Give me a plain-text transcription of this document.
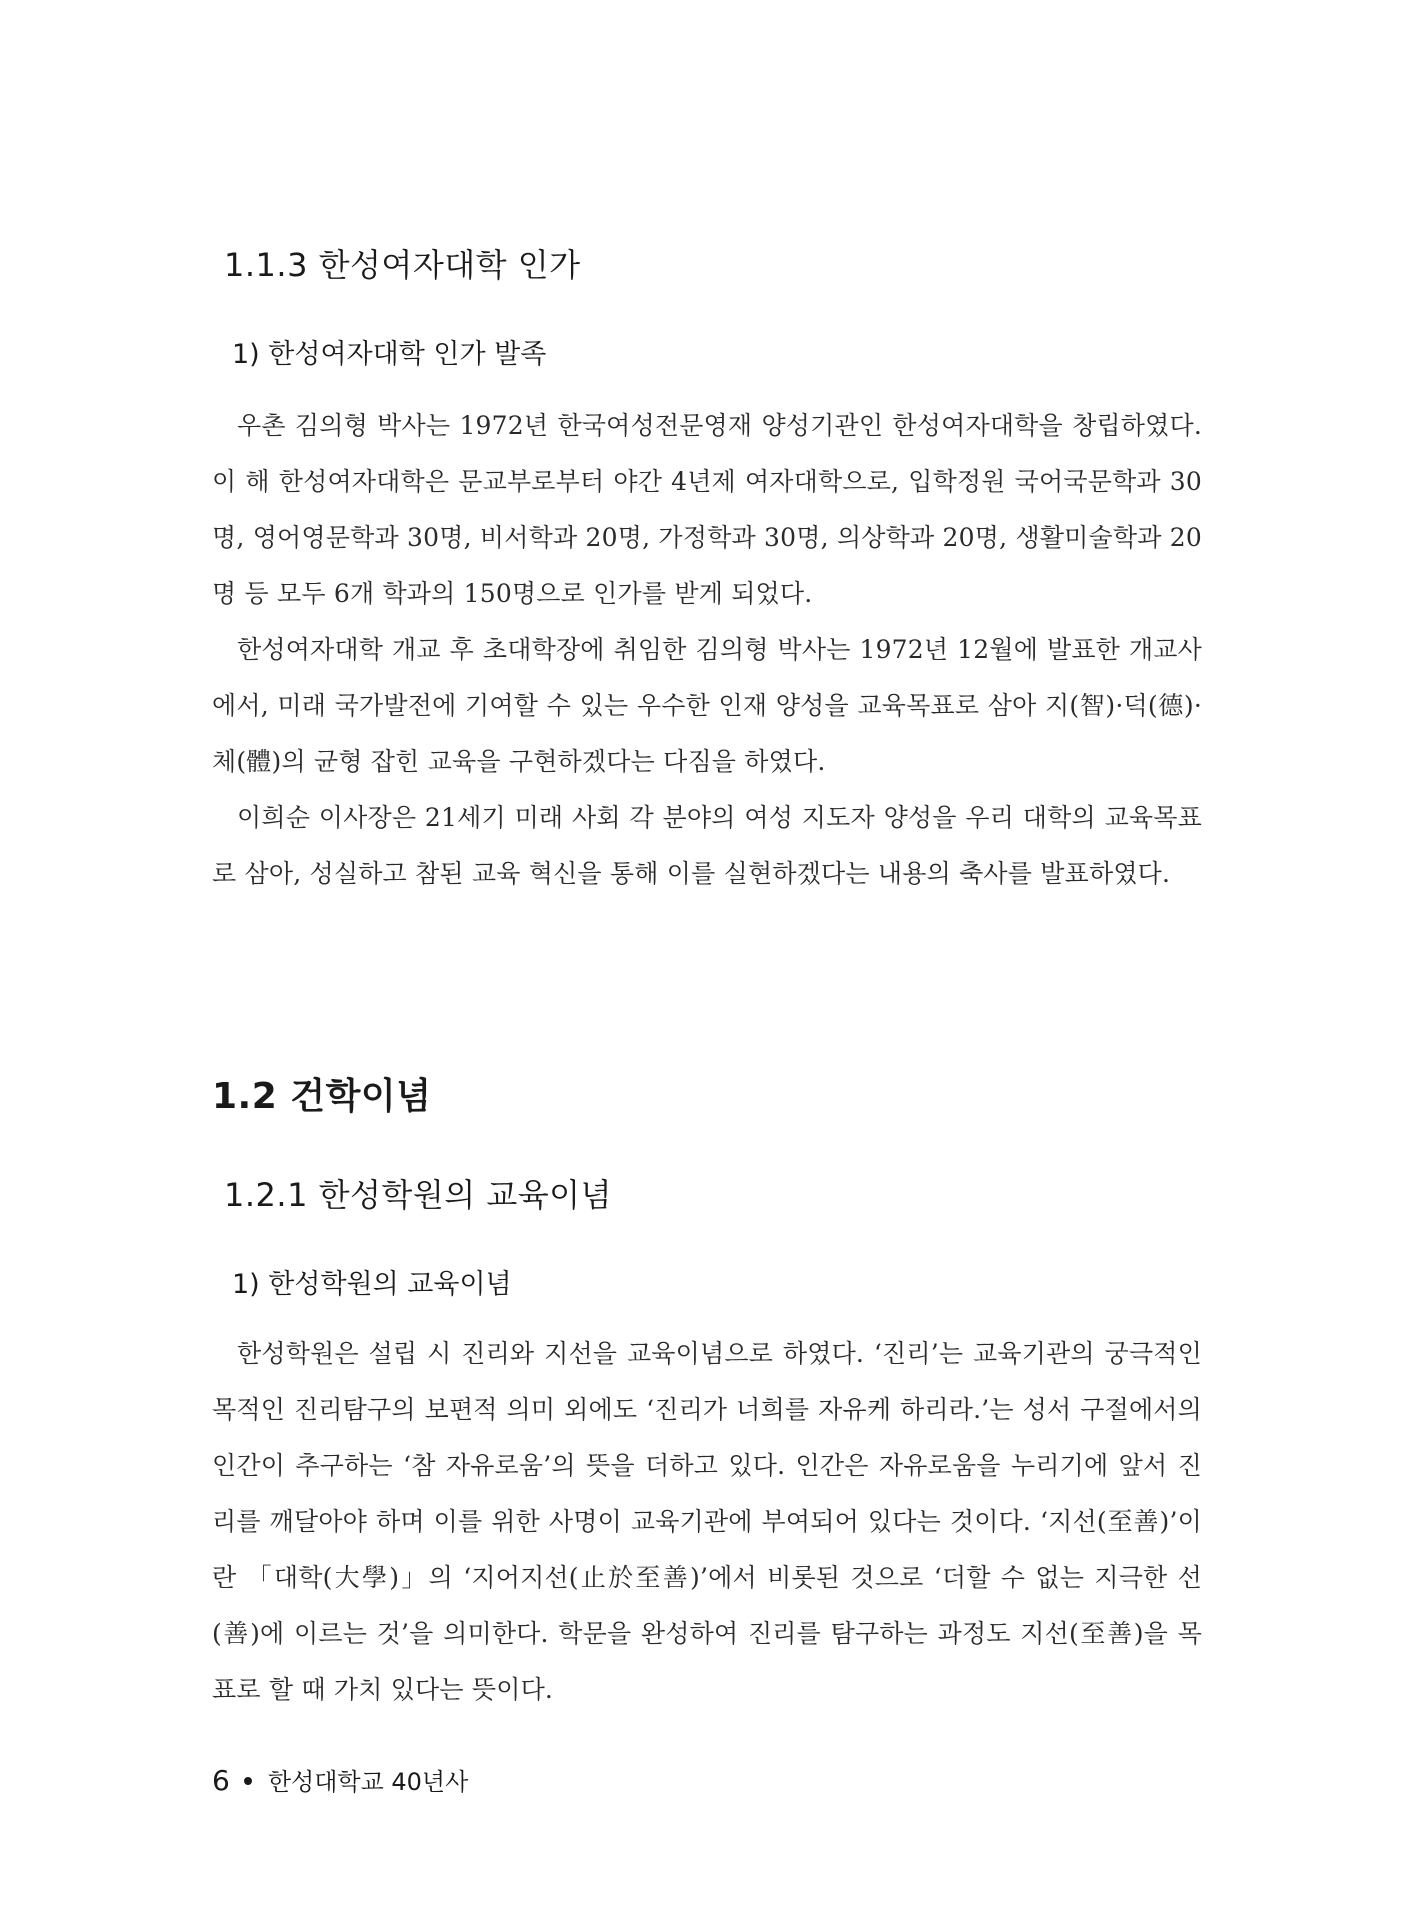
1.1.3 한성여자대학 인가
1) 한성여자대학 인가 발족

우촌 김의형 박사는 1972년 한국여성전문영재 양성기관인 한성여자대학을 창립하였다. 이 해 한성여자대학은 문교부로부터 야간 4년제 여자대학으로, 입학정원 국어국문학과 30명, 영어영문학과 30명, 비서학과 20명, 가정학과 30명, 의상학과 20명, 생활미술학과 20명 등 모두 6개 학과의 150명으로 인가를 받게 되었다.

한성여자대학 개교 후 초대학장에 취임한 김의형 박사는 1972년 12월에 발표한 개교사에서, 미래 국가발전에 기여할 수 있는 우수한 인재 양성을 교육목표로 삼아 지(智)·덕(德)·체(體)의 균형 잡힌 교육을 구현하겠다는 다짐을 하였다.

이희순 이사장은 21세기 미래 사회 각 분야의 여성 지도자 양성을 우리 대학의 교육목표로 삼아, 성실하고 참된 교육 혁신을 통해 이를 실현하겠다는 내용의 축사를 발표하였다.

1.2 건학이념
1.2.1 한성학원의 교육이념
1) 한성학원의 교육이념

한성학원은 설립 시 진리와 지선을 교육이념으로 하였다. ‘진리’는 교육기관의 궁극적인 목적인 진리탐구의 보편적 의미 외에도 ‘진리가 너희를 자유케 하리라.’는 성서 구절에서의 인간이 추구하는 ‘참 자유로움’의 뜻을 더하고 있다. 인간은 자유로움을 누리기에 앞서 진리를 깨달아야 하며 이를 위한 사명이 교육기관에 부여되어 있다는 것이다. ‘지선(至善)’이란 「대학(大學)」의 ‘지어지선(止於至善)’에서 비롯된 것으로 ‘더할 수 없는 지극한 선(善)에 이르는 것’을 의미한다. 학문을 완성하여 진리를 탐구하는 과정도 지선(至善)을 목표로 할 때 가치 있다는 뜻이다.

6 한성대학교 40년사
